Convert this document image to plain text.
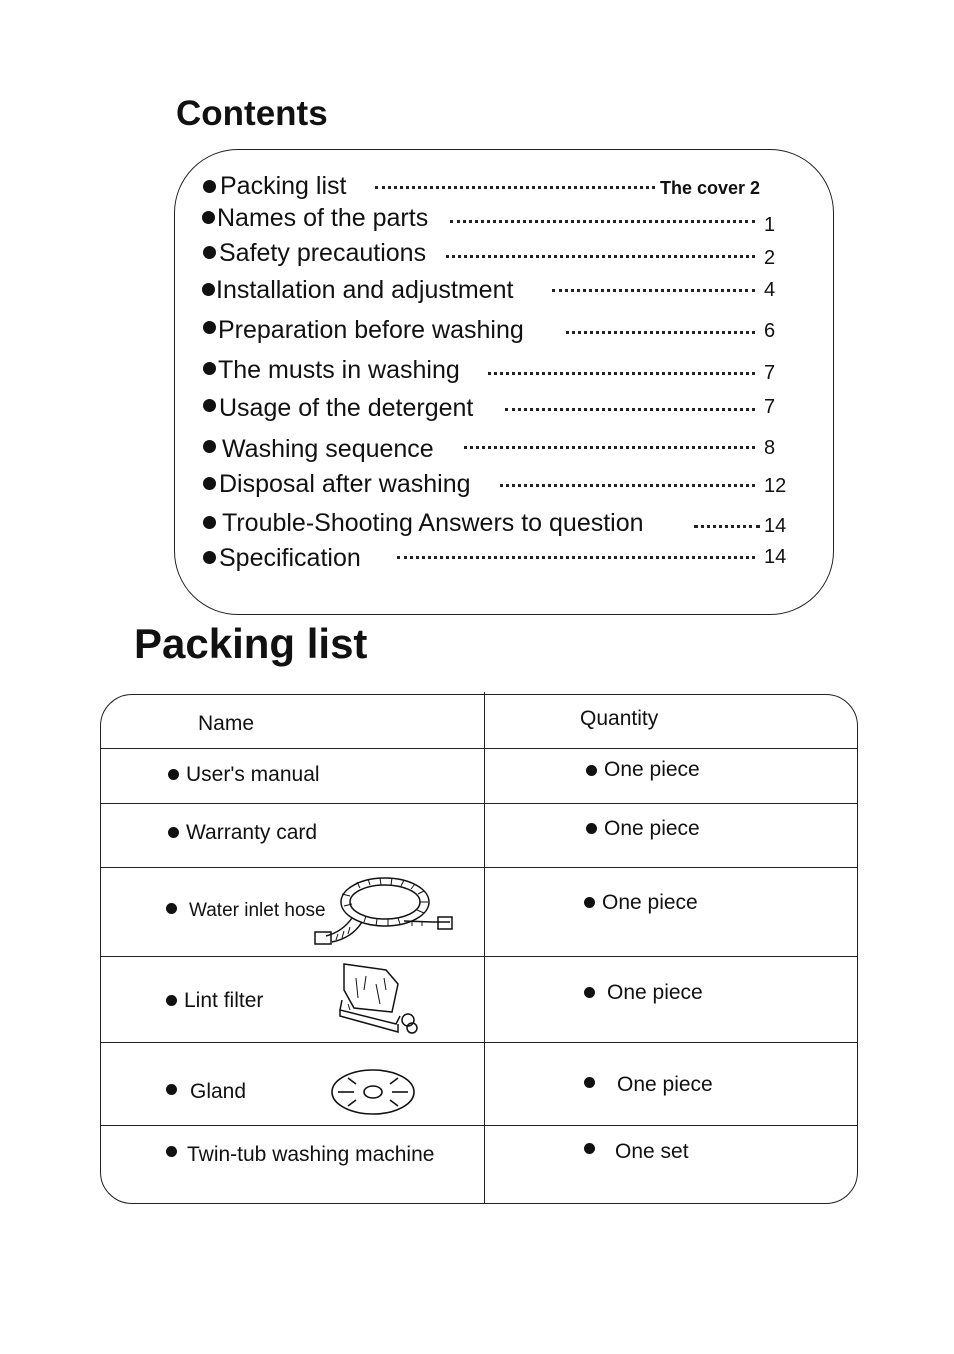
Contents
Packing list	The cover 2
Names of the parts	1
Safety precautions	2
Installation and adjustment	4
Preparation before washing	6
The musts in washing	7
Usage of the detergent	7
Washing sequence	8
Disposal after washing	12
Trouble-Shooting Answers to question	14
Specification	14
Packing list
Name	Quantity
User's manual	One piece
Warranty card	One piece
Water inlet hose	One piece
Lint filter	One piece
Gland	One piece
Twin-tub washing machine	One set
